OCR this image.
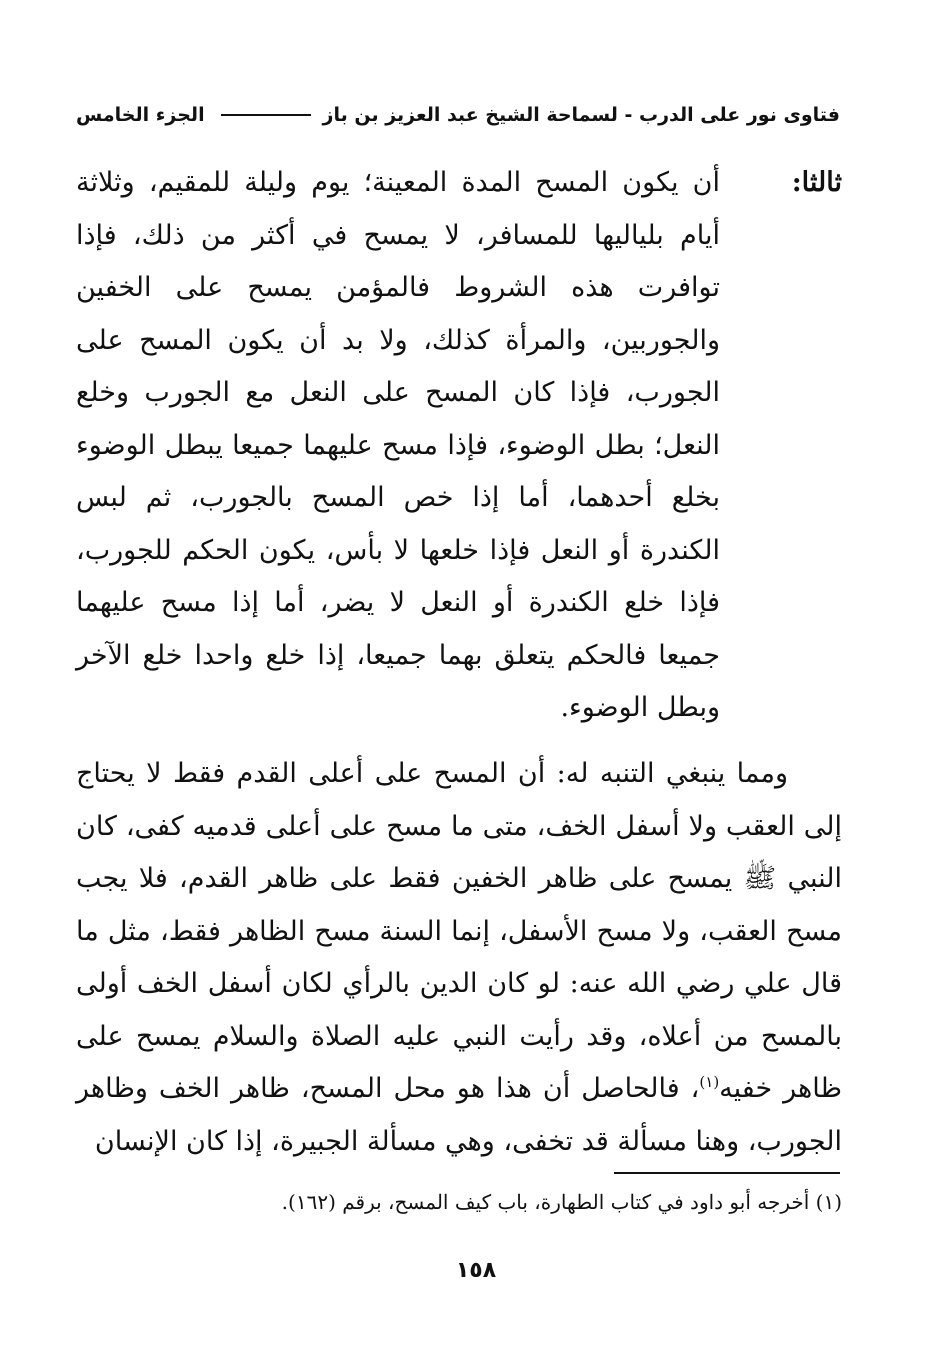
فتاوى نور على الدرب - لسماحة الشيخ عبد العزيز بن باز
الجزء الخامس
ثالثا:
أن يكون المسح المدة المعينة؛ يوم وليلة للمقيم، وثلاثة أيام بلياليها للمسافر، لا يمسح في أكثر من ذلك، فإذا توافرت هذه الشروط فالمؤمن يمسح على الخفين والجوربين، والمرأة كذلك، ولا بد أن يكون المسح على الجورب، فإذا كان المسح على النعل مع الجورب وخلع النعل؛ بطل الوضوء، فإذا مسح عليهما جميعا يبطل الوضوء بخلع أحدهما، أما إذا خص المسح بالجورب، ثم لبس الكندرة أو النعل فإذا خلعها لا بأس، يكون الحكم للجورب، فإذا خلع الكندرة أو النعل لا يضر، أما إذا مسح عليهما جميعا فالحكم يتعلق بهما جميعا، إذا خلع واحدا خلع الآخر وبطل الوضوء.
ومما ينبغي التنبه له: أن المسح على أعلى القدم فقط لا يحتاج إلى العقب ولا أسفل الخف، متى ما مسح على أعلى قدميه كفى، كان النبي ﷺ يمسح على ظاهر الخفين فقط على ظاهر القدم، فلا يجب مسح العقب، ولا مسح الأسفل، إنما السنة مسح الظاهر فقط، مثل ما قال علي رضي الله عنه: لو كان الدين بالرأي لكان أسفل الخف أولى بالمسح من أعلاه، وقد رأيت النبي عليه الصلاة والسلام يمسح على ظاهر خفيه$^{(١)}$، فالحاصل أن هذا هو محل المسح، ظاهر الخف وظاهر الجورب، وهنا مسألة قد تخفى، وهي مسألة الجبيرة، إذا كان الإنسان
(١) أخرجه أبو داود في كتاب الطهارة، باب كيف المسح، برقم (١٦٢).
١٥٨
